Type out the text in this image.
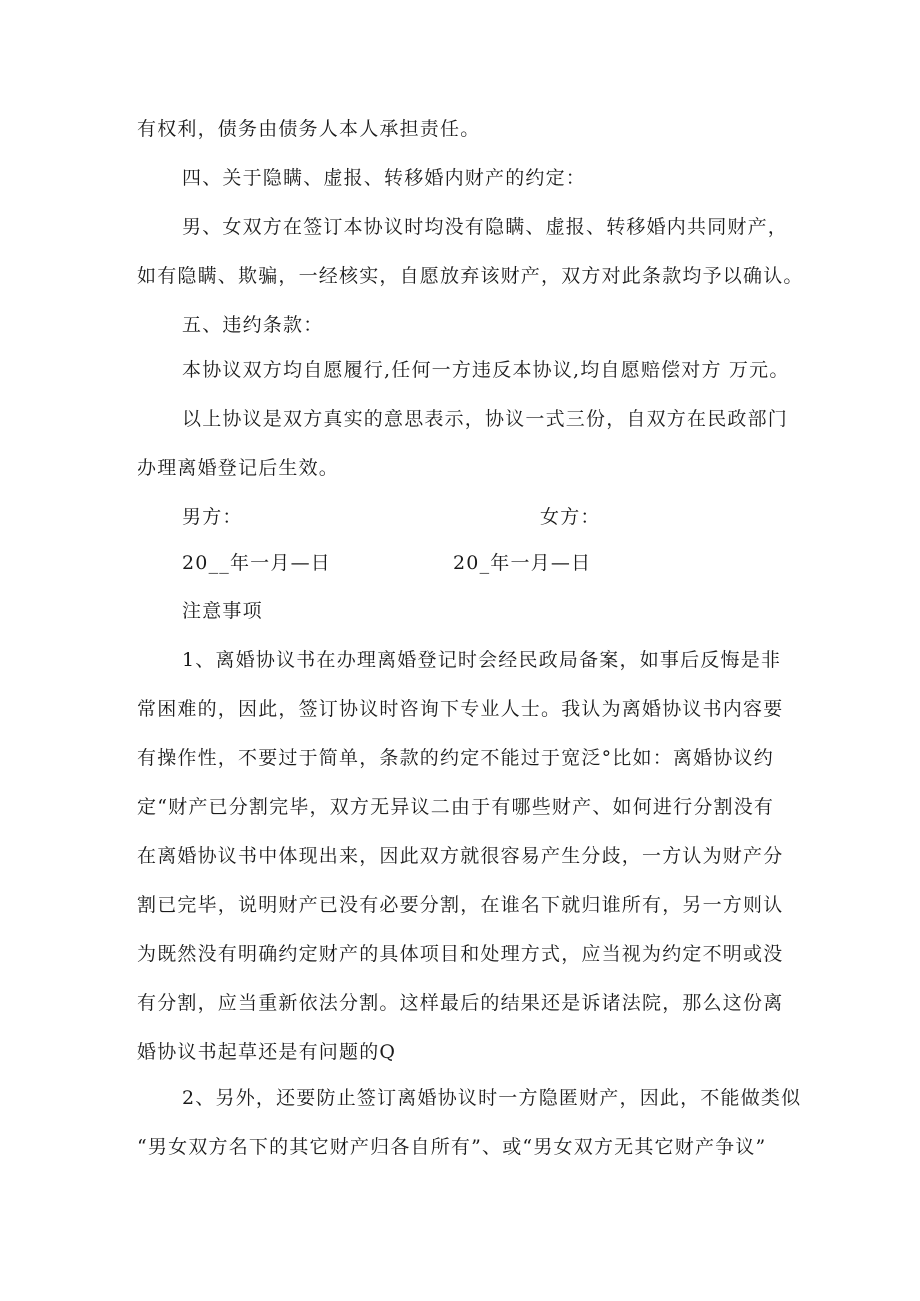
有权利，债务由债务人本人承担责任。
四、关于隐瞒、虚报、转移婚内财产的约定：
男、女双方在签订本协议时均没有隐瞒、虚报、转移婚内共同财产，
如有隐瞒、欺骗，一经核实，自愿放弃该财产，双方对此条款均予以确认。
五、违约条款：
本协议双方均自愿履行,任何一方违反本协议,均自愿赔偿对方 万元。
以上协议是双方真实的意思表示，协议一式三份，自双方在民政部门
办理离婚登记后生效。
男方：	女方：
20__年一月—日	20_年一月—日
注意事项
1、离婚协议书在办理离婚登记时会经民政局备案，如事后反悔是非
常困难的，因此，签订协议时咨询下专业人士。我认为离婚协议书内容要
有操作性，不要过于简单，条款的约定不能过于宽泛°比如：离婚协议约
定“财产已分割完毕，双方无异议二由于有哪些财产、如何进行分割没有
在离婚协议书中体现出来，因此双方就很容易产生分歧，一方认为财产分
割已完毕，说明财产已没有必要分割，在谁名下就归谁所有，另一方则认
为既然没有明确约定财产的具体项目和处理方式，应当视为约定不明或没
有分割，应当重新依法分割。这样最后的结果还是诉诸法院，那么这份离
婚协议书起草还是有问题的Q
2、另外，还要防止签订离婚协议时一方隐匿财产，因此，不能做类似
“男女双方名下的其它财产归各自所有”、或“男女双方无其它财产争议”
